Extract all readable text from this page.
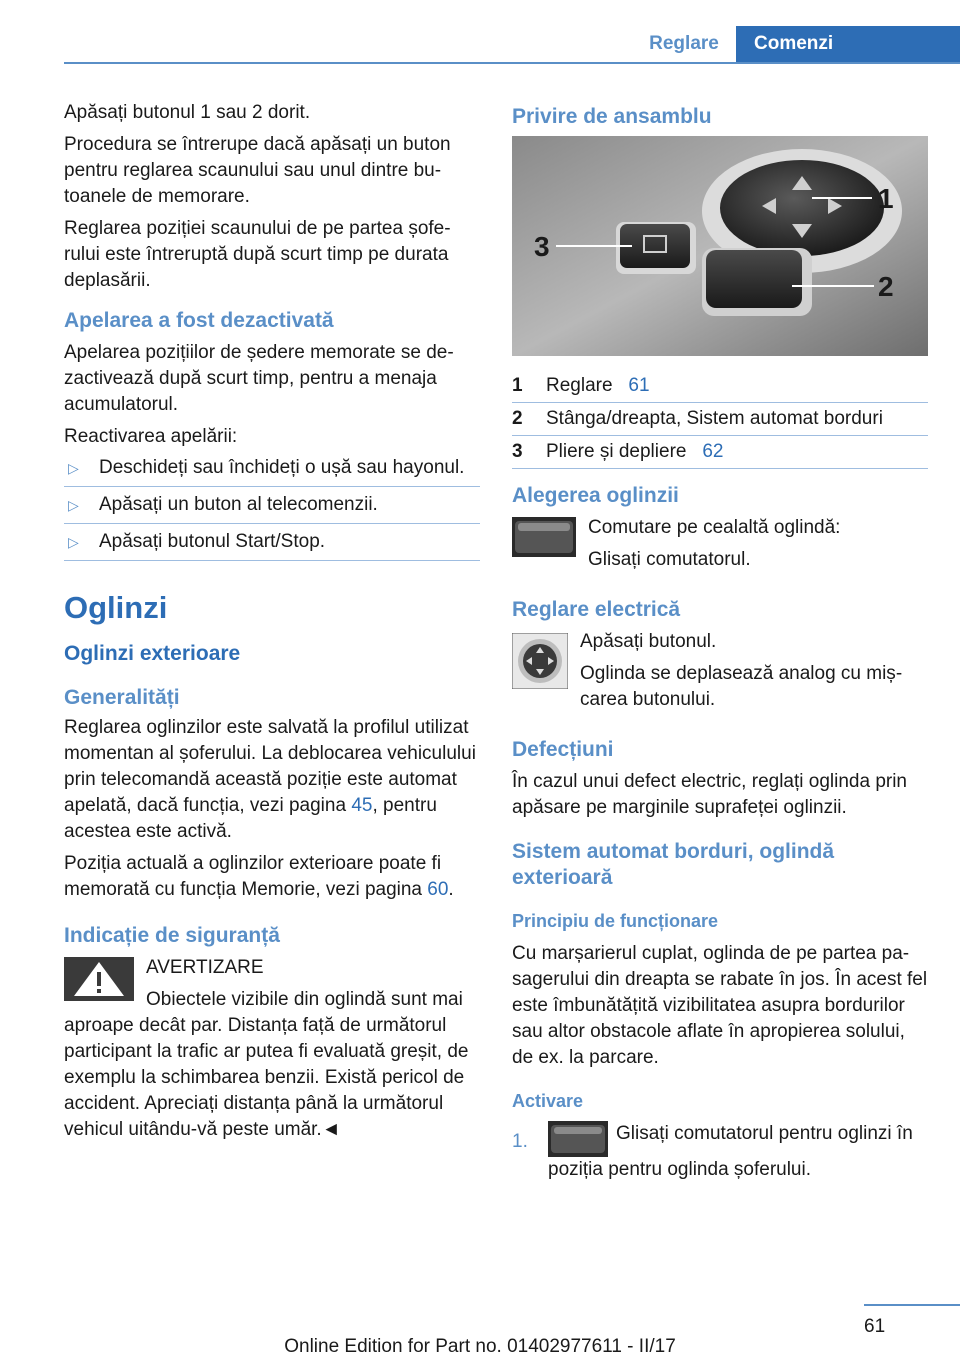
Reglare	Comenzi

Apăsați butonul 1 sau 2 dorit.

Procedura se întrerupe dacă apăsați un buton pentru reglarea scaunului sau unul dintre butoanele de memorare.

Reglarea poziției scaunului de pe partea șoferului este întreruptă după scurt timp pe durata deplasării.

Apelarea a fost dezactivată

Apelarea pozițiilor de ședere memorate se dezactivează după scurt timp, pentru a menaja acumulatorul.

Reactivarea apelării:

▷ Deschideți sau închideți o ușă sau hayonul.
▷ Apăsați un buton al telecomenzii.
▷ Apăsați butonul Start/Stop.
Oglinzi
Oglinzi exterioare
Generalități

Reglarea oglinzilor este salvată la profilul utilizat momentan al șoferului. La deblocarea vehiculului prin telecomandă această poziție este automat apelată, dacă funcția, vezi pagina 45, pentru acestea este activă.

Poziția actuală a oglinzilor exterioare poate fi memorată cu funcția Memorie, vezi pagina 60.

Indicație de siguranță

AVERTIZARE

Obiectele vizibile din oglindă sunt mai aproape decât par. Distanța față de următorul participant la trafic ar putea fi evaluată greșit, de exemplu la schimbarea benzii. Există pericol de accident. Apreciați distanța până la următorul vehicul uitându-vă peste umăr.◄

Privire de ansamblu
1
2
3
1	Reglare 61
2	Stânga/dreapta, Sistem automat borduri
3	Pliere și depliere 62
Alegerea oglinzii

Comutare pe cealaltă oglindă:

Glisați comutatorul.

Reglare electrică

Apăsați butonul.

Oglinda se deplasează analog cu mișcarea butonului.

Defecțiuni

În cazul unui defect electric, reglați oglinda prin apăsare pe marginile suprafeței oglinzii.

Sistem automat borduri, oglindă exterioară
Principiu de funcționare

Cu marșarierul cuplat, oglinda de pe partea pasagerului din dreapta se rabate în jos. În acest fel este îmbunătățită vizibilitatea asupra bordurilor sau altor obstacole aflate în apropierea solului, de ex. la parcare.

Activare
1.	Glisați comutatorul pentru oglinzi în poziția pentru oglinda șoferului.
61
Online Edition for Part no. 01402977611 - II/17
